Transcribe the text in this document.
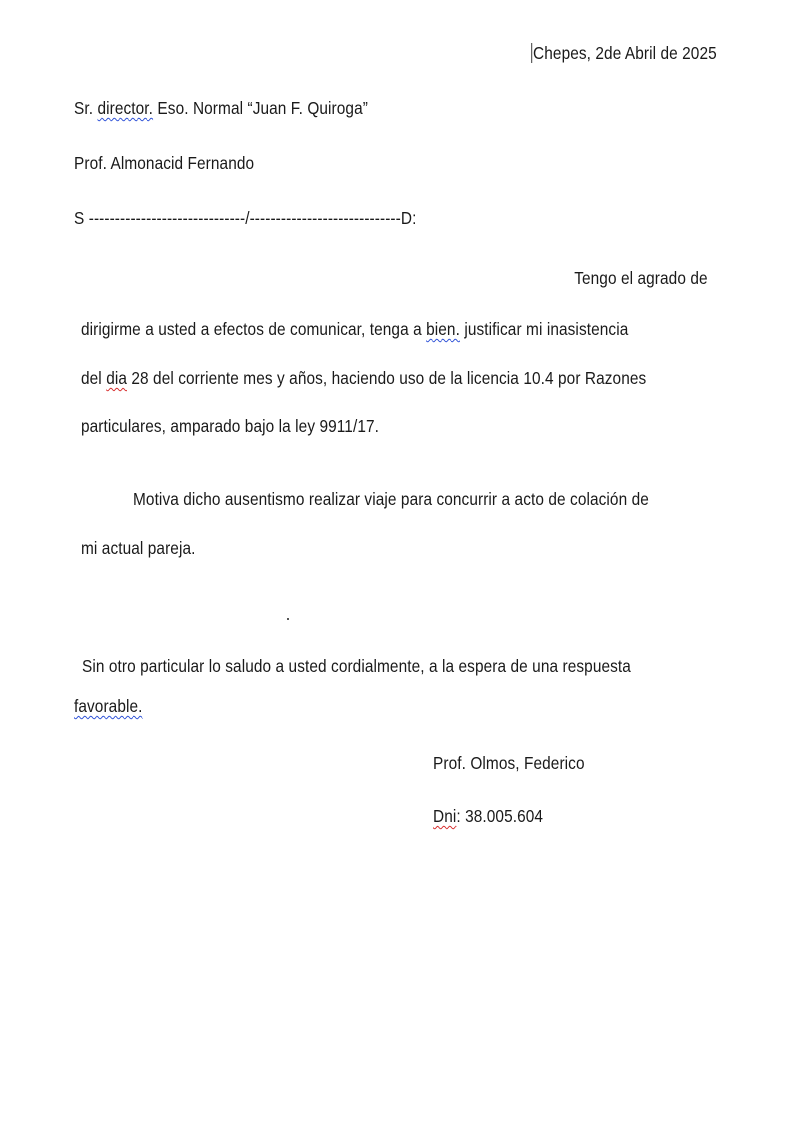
Chepes, 2de Abril de 2025
Sr. director. Eso. Normal “Juan F. Quiroga”
Prof. Almonacid Fernando
S ------------------------------/-----------------------------D:
Tengo el agrado de
dirigirme a usted a efectos de comunicar, tenga a bien. justificar mi inasistencia
del dia 28 del corriente mes y años, haciendo uso de la licencia 10.4 por Razones
particulares, amparado bajo la ley 9911/17.
Motiva dicho ausentismo realizar viaje para concurrir a acto de colación de
mi actual pareja.
Sin otro particular lo saludo a usted cordialmente, a la espera de una respuesta
favorable.
Prof. Olmos, Federico
Dni: 38.005.604
